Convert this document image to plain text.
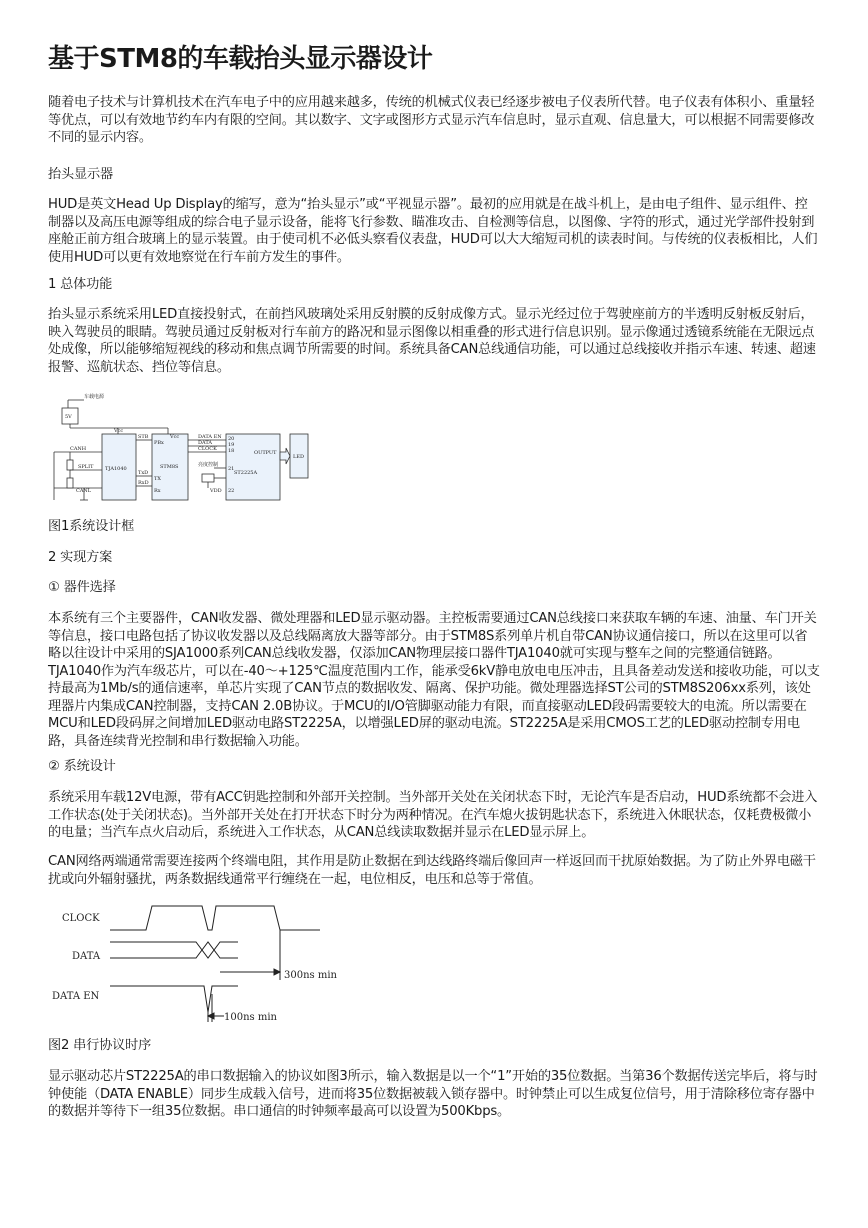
基于STM8的车载抬头显示器设计

随着电子技术与计算机技术在汽车电子中的应用越来越多，传统的机械式仪表已经逐步被电子仪表所代替。电子仪表有体积小、重量轻等优点，可以有效地节约车内有限的空间。其以数字、文字或图形方式显示汽车信息时，显示直观、信息量大，可以根据不同需要修改不同的显示内容。

抬头显示器

HUD是英文Head Up Display的缩写，意为“抬头显示”或“平视显示器”。最初的应用就是在战斗机上，是由电子组件、显示组件、控制器以及高压电源等组成的综合电子显示设备，能将飞行参数、瞄准攻击、自检测等信息，以图像、字符的形式，通过光学部件投射到座舱正前方组合玻璃上的显示装置。由于使司机不必低头察看仪表盘，HUD可以大大缩短司机的读表时间。与传统的仪表板相比，人们使用HUD可以更有效地察觉在行车前方发生的事件。

1 总体功能

抬头显示系统采用LED直接投射式，在前挡风玻璃处采用反射膜的反射成像方式。显示光经过位于驾驶座前方的半透明反射板反射后，映入驾驶员的眼睛。驾驶员通过反射板对行车前方的路况和显示图像以相重叠的形式进行信息识别。显示像通过透镜系统能在无限远点处成像，所以能够缩短视线的移动和焦点调节所需要的时间。系统具备CAN总线通信功能，可以通过总线接收并指示车速、转速、超速报警、巡航状态、挡位等信息。

车载电源
5V
Vcc
Vcc
CANH
SPLIT
CANL
TJA1040
STB
TxD
RxD
PBx
TX
Rx
STM8S
DATA EN
DATA
CLOCK
亮度控制
VDD
ST2225A
OUTPUT
LED
20
19
18
21
22

图1系统设计框

2 实现方案

① 器件选择

本系统有三个主要器件，CAN收发器、微处理器和LED显示驱动器。主控板需要通过CAN总线接口来获取车辆的车速、油量、车门开关等信息，接口电路包括了协议收发器以及总线隔离放大器等部分。由于STM8S系列单片机自带CAN协议通信接口，所以在这里可以省略以往设计中采用的SJA1000系列CAN总线收发器，仅添加CAN物理层接口器件TJA1040就可实现与整车之间的完整通信链路。TJA1040作为汽车级芯片，可以在-40～+125℃温度范围内工作，能承受6kV静电放电电压冲击，且具备差动发送和接收功能，可以支持最高为1Mb/s的通信速率，单芯片实现了CAN节点的数据收发、隔离、保护功能。微处理器选择ST公司的STM8S206xx系列，该处理器片内集成CAN控制器，支持CAN 2.0B协议。于MCU的I/O管脚驱动能力有限，而直接驱动LED段码需要较大的电流。所以需要在MCU和LED段码屏之间增加LED驱动电路ST2225A，以增强LED屏的驱动电流。ST2225A是采用CMOS工艺的LED驱动控制专用电路，具备连续背光控制和串行数据输入功能。

② 系统设计

系统采用车载12V电源，带有ACC钥匙控制和外部开关控制。当外部开关处在关闭状态下时，无论汽车是否启动，HUD系统都不会进入工作状态(处于关闭状态)。当外部开关处在打开状态下时分为两种情况。在汽车熄火拔钥匙状态下，系统进入休眠状态，仅耗费极微小的电量；当汽车点火启动后，系统进入工作状态，从CAN总线读取数据并显示在LED显示屏上。

CAN网络两端通常需要连接两个终端电阻，其作用是防止数据在到达线路终端后像回声一样返回而干扰原始数据。为了防止外界电磁干扰或向外辐射骚扰，两条数据线通常平行缠绕在一起，电位相反，电压和总等于常值。

CLOCK
DATA
DATA EN
300ns min
100ns min

图2 串行协议时序

显示驱动芯片ST2225A的串口数据输入的协议如图3所示，输入数据是以一个“1”开始的35位数据。当第36个数据传送完毕后，将与时钟使能（DATA ENABLE）同步生成载入信号，进而将35位数据被载入锁存器中。时钟禁止可以生成复位信号，用于清除移位寄存器中的数据并等待下一组35位数据。串口通信的时钟频率最高可以设置为500Kbps。
